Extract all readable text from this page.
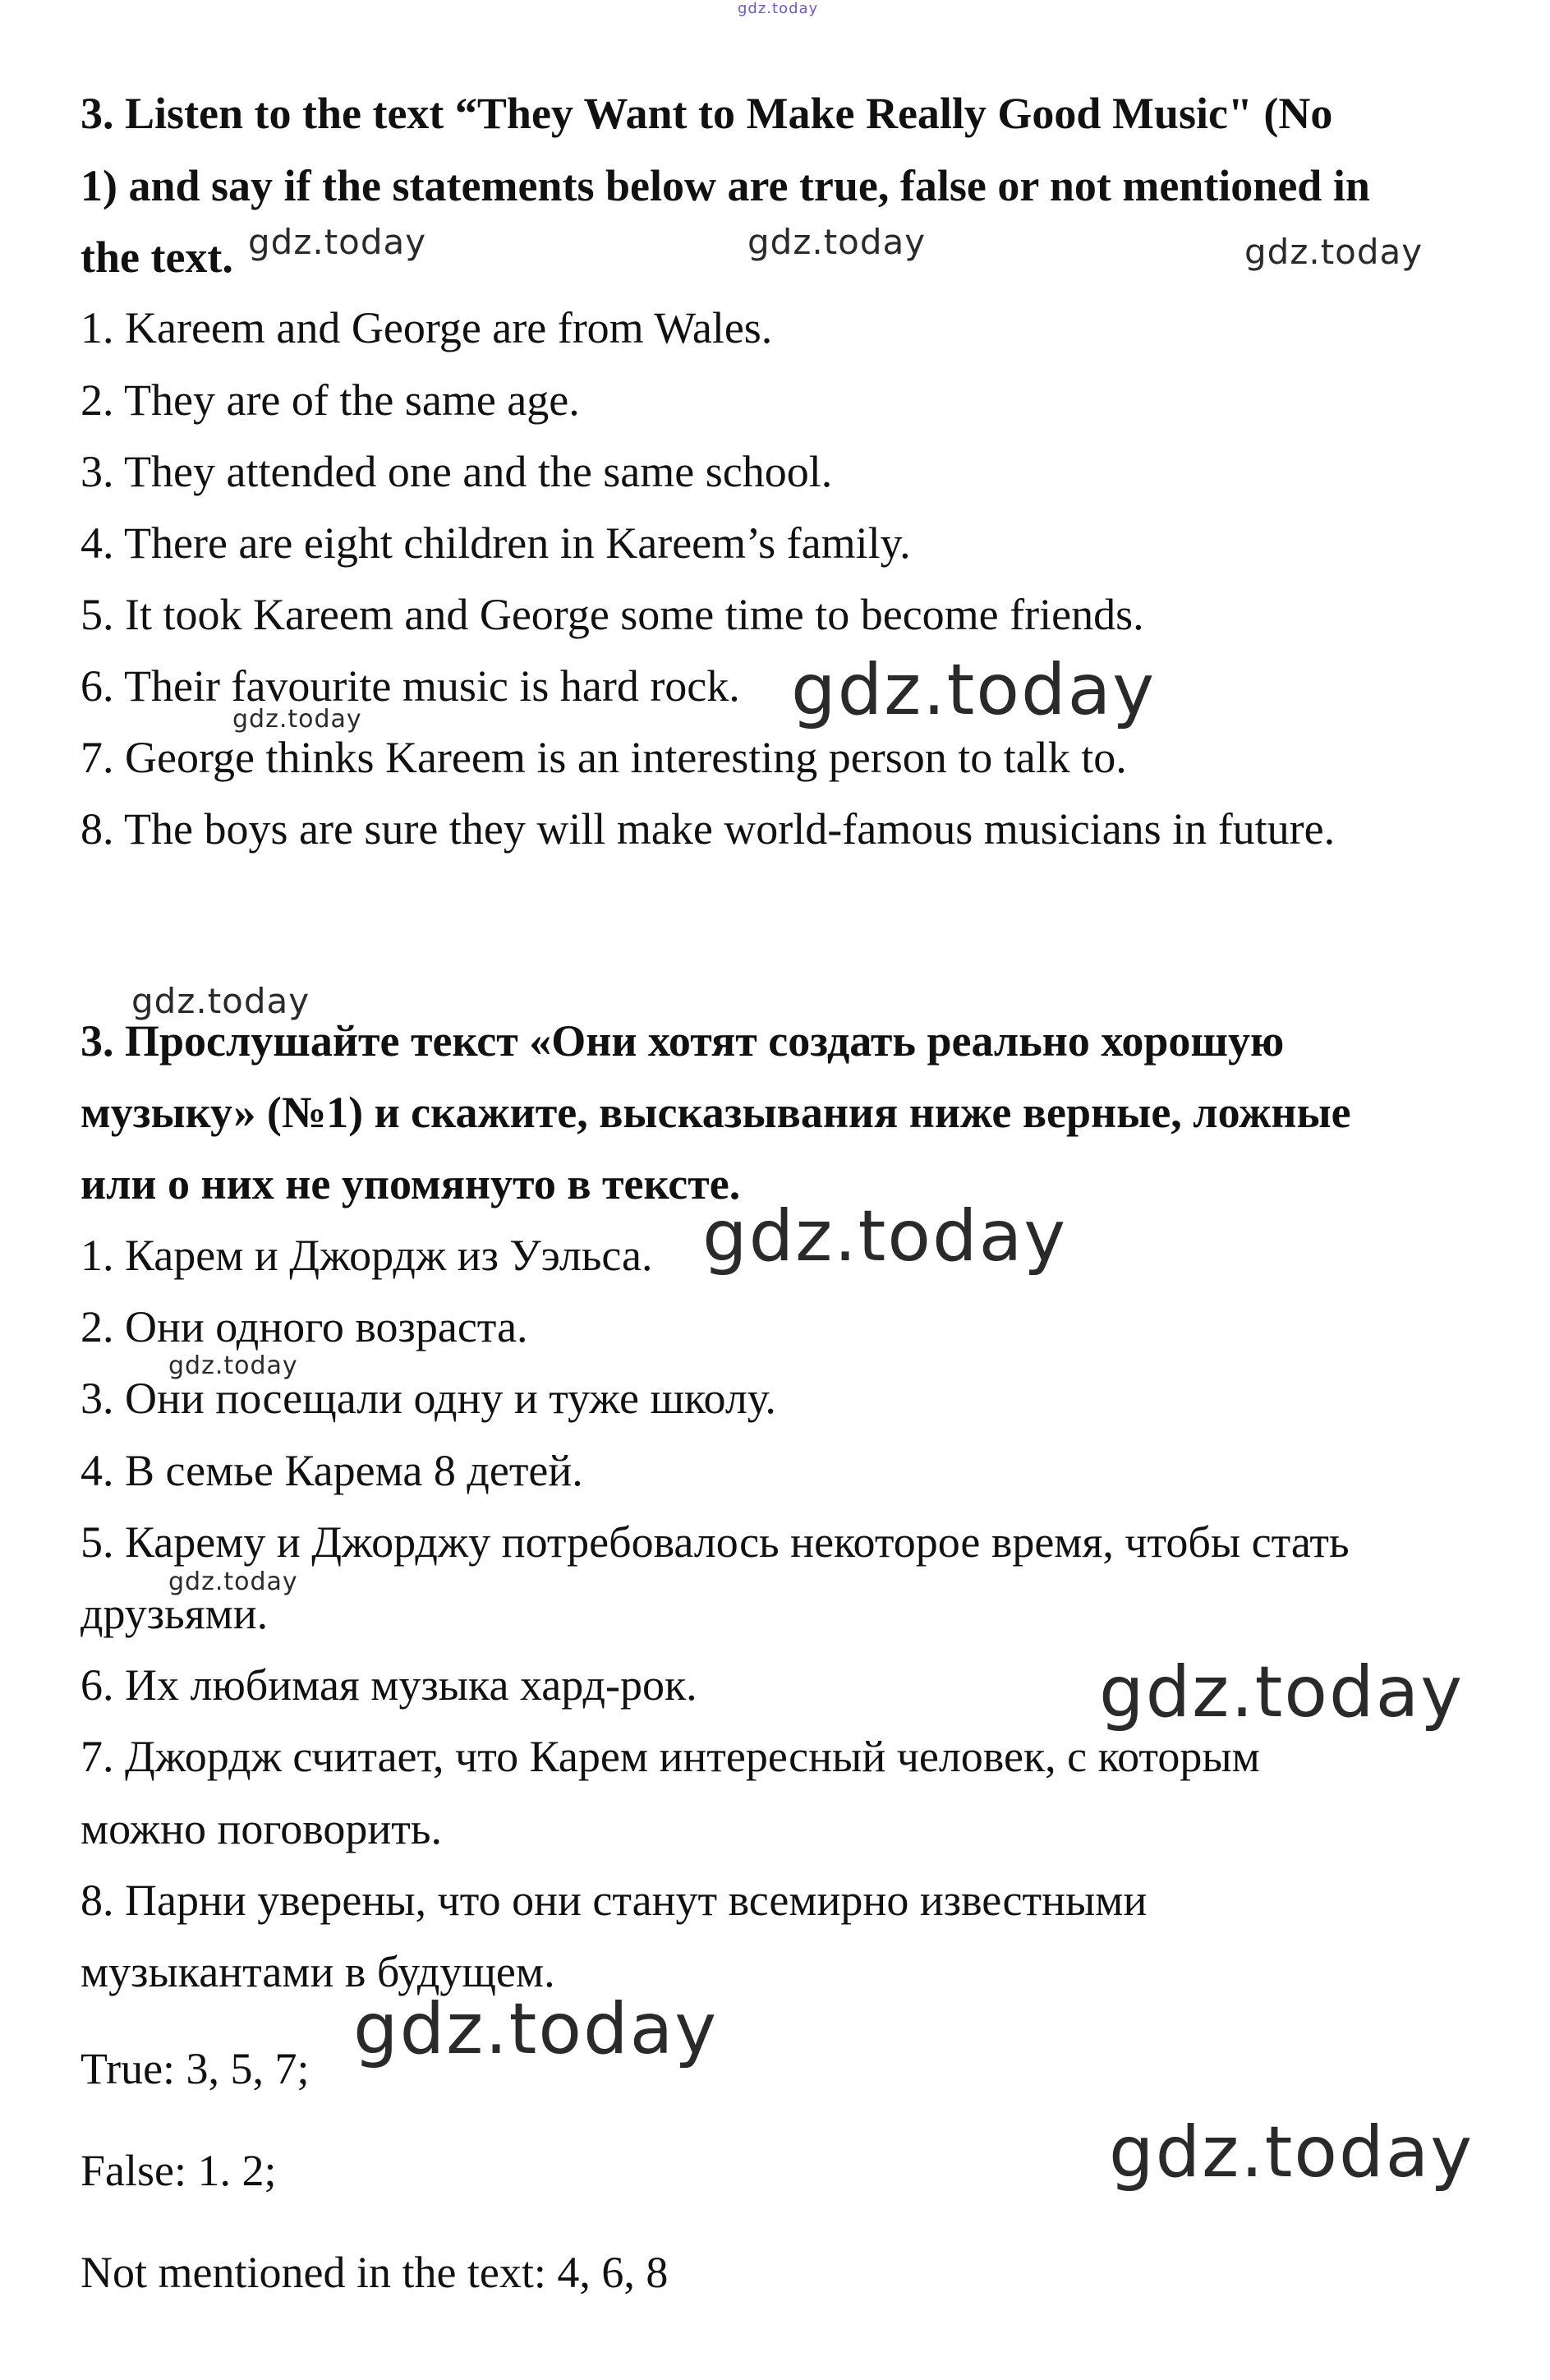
gdz.today
3. Listen to the text “They Want to Make Really Good Music" (No
1) and say if the statements below are true, false or not mentioned in
the text. gdz.today	gdz.today	gdz.today
1. Kareem and George are from Wales.
2. They are of the same age.
3. They attended one and the same school.
4. There are eight children in Kareem’s family.
5. It took Kareem and George some time to become friends.
6. Their favourite music is hard rock. gdz.today
gdz.today
7. George thinks Kareem is an interesting person to talk to.
8. The boys are sure they will make world-famous musicians in future.
gdz.today
3. Прослушайте текст «Они хотят создать реально хорошую
музыку» (№1) и скажите, высказывания ниже верные, ложные
или о них не упомянуто в тексте.
1. Карем и Джордж из Уэльса. gdz.today
2. Они одного возраста.
gdz.today
3. Они посещали одну и туже школу.
4. В семье Карема 8 детей.
5. Карему и Джорджу потребовалось некоторое время, чтобы стать
gdz.today
друзьями.
6. Их любимая музыка хард-рок.	gdz.today
7. Джордж считает, что Карем интересный человек, с которым
можно поговорить.
8. Парни уверены, что они станут всемирно известными
музыкантами в будущем.
gdz.today
True: 3, 5, 7;
gdz.today
False: 1. 2;
Not mentioned in the text: 4, 6, 8
